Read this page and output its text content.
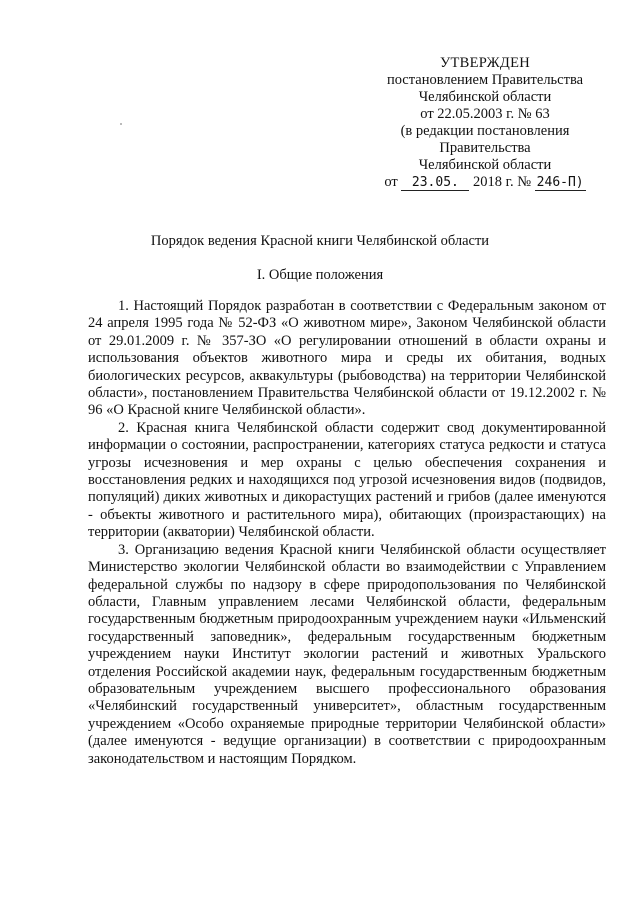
УТВЕРЖДЕН
постановлением Правительства
Челябинской области
от 22.05.2003 г. № 63
(в редакции постановления
Правительства
Челябинской области
от 23.05. 2018 г. № 246-П)
Порядок ведения Красной книги Челябинской области
I. Общие положения

1. Настоящий Порядок разработан в соответствии с Федеральным законом от 24 апреля 1995 года № 52-ФЗ «О животном мире», Законом Челябинской области от 29.01.2009 г. № 357-ЗО «О регулировании отношений в области охраны и использования объектов животного мира и среды их обитания, водных биологических ресурсов, аквакультуры (рыбоводства) на территории Челябинской области», постановлением Правительства Челябинской области от 19.12.2002 г. № 96 «О Красной книге Челябинской области».

2. Красная книга Челябинской области содержит свод документированной информации о состоянии, распространении, категориях статуса редкости и статуса угрозы исчезновения и мер охраны с целью обеспечения сохранения и восстановления редких и находящихся под угрозой исчезновения видов (подвидов, популяций) диких животных и дикорастущих растений и грибов (далее именуются - объекты животного и растительного мира), обитающих (произрастающих) на территории (акватории) Челябинской области.

3. Организацию ведения Красной книги Челябинской области осуществляет Министерство экологии Челябинской области во взаимодействии с Управлением федеральной службы по надзору в сфере природопользования по Челябинской области, Главным управлением лесами Челябинской области, федеральным государственным бюджетным природоохранным учреждением науки «Ильменский государственный заповедник», федеральным государственным бюджетным учреждением науки Институт экологии растений и животных Уральского отделения Российской академии наук, федеральным государственным бюджетным образовательным учреждением высшего профессионального образования «Челябинский государственный университет», областным государственным учреждением «Особо охраняемые природные территории Челябинской области» (далее именуются - ведущие организации) в соответствии с природоохранным законодательством и настоящим Порядком.
